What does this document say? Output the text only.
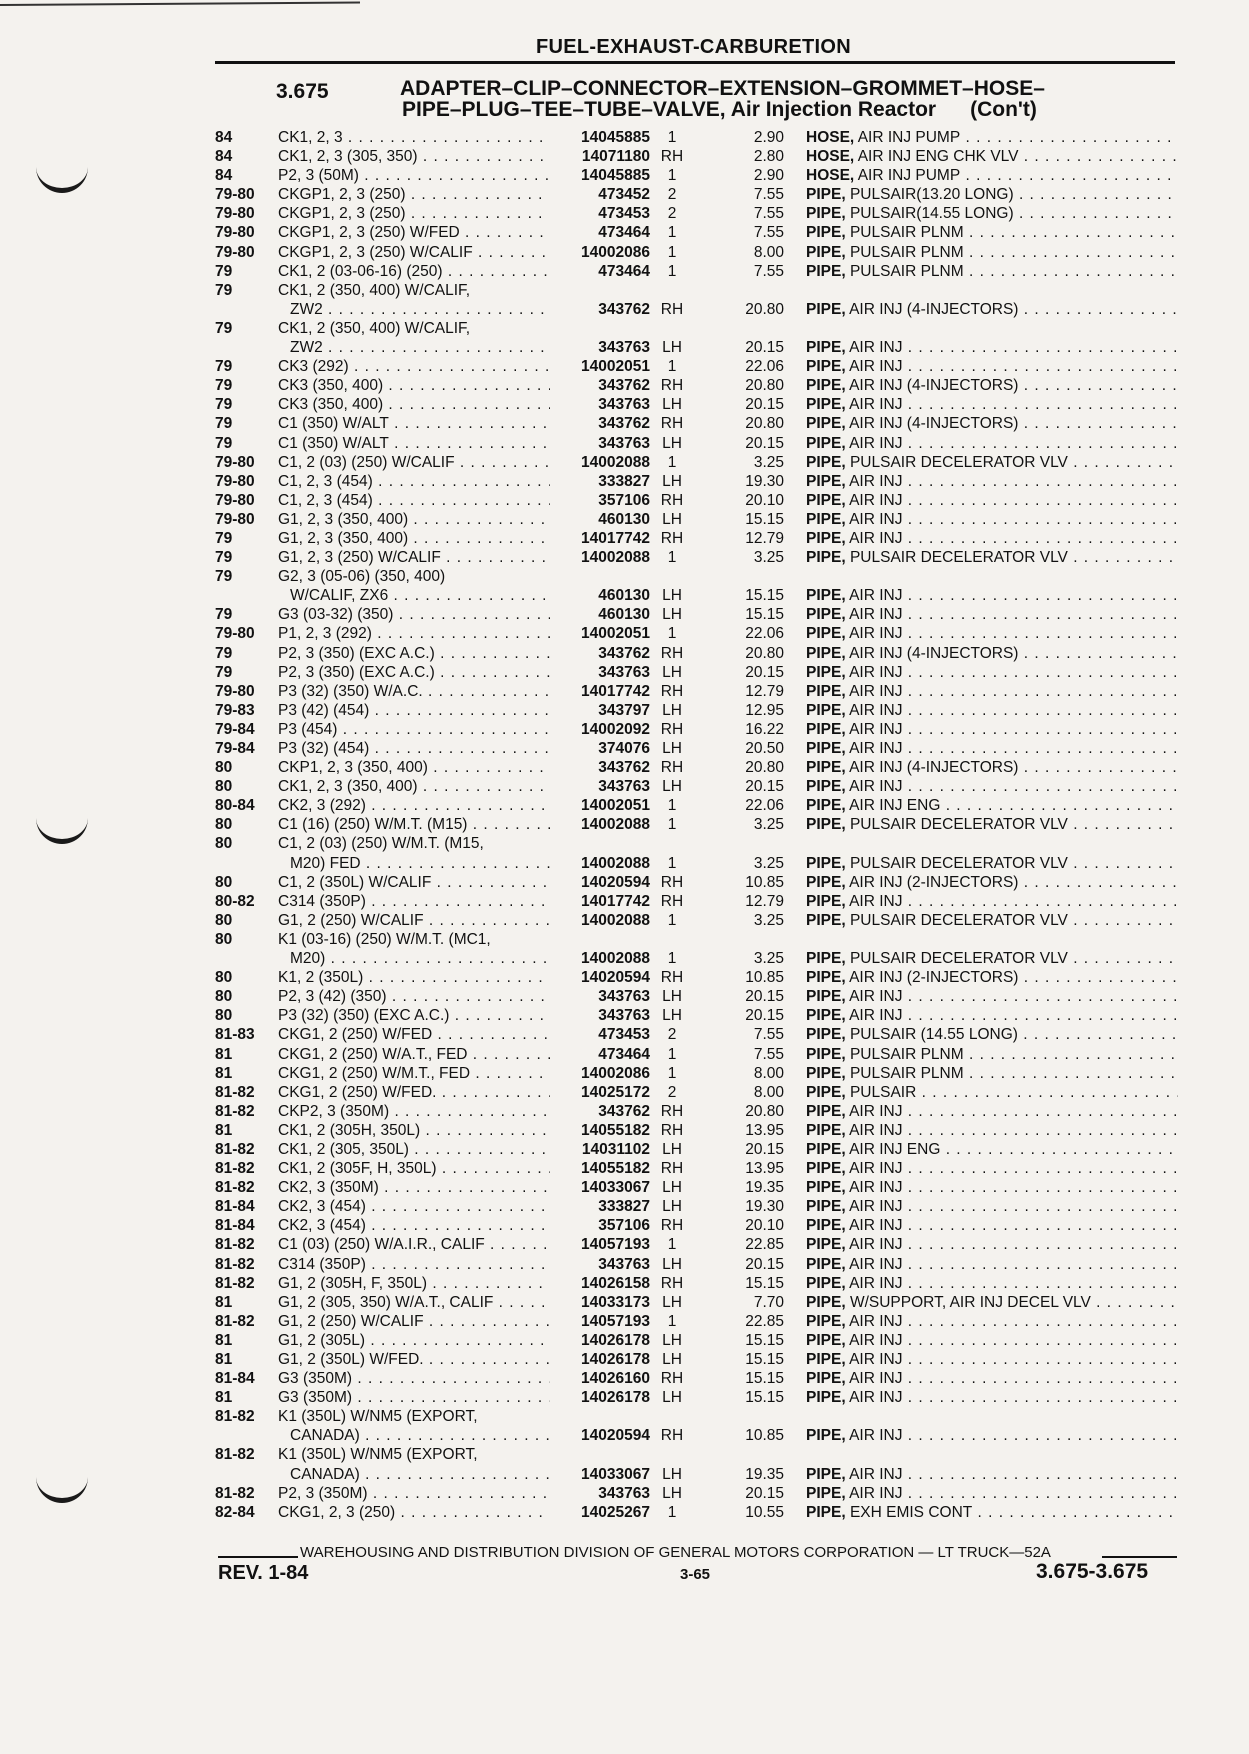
FUEL-EXHAUST-CARBURETION
3.675	ADAPTER–CLIP–CONNECTOR–EXTENSION–GROMMET–HOSE–
PIPE–PLUG–TEE–TUBE–VALVE, Air Injection Reactor (Con't)
84	CK1, 2, 3 . . .	14045885	1	2.90 HOSE, AIR INJ PUMP . . .
84	CK1, 2, 3 (305, 350) . . .	14071180 RH	2.80 HOSE, AIR INJ ENG CHK VLV . . .
84	P2, 3 (50M) . . .	14045885	1	2.90 HOSE, AIR INJ PUMP . . .
79-80 CKGP1, 2, 3 (250) . . .	473452	2	7.55 PIPE, PULSAIR(13.20 LONG) . . .
79-80 CKGP1, 2, 3 (250) . . .	473453	2	7.55 PIPE, PULSAIR(14.55 LONG) . . .
79-80 CKGP1, 2, 3 (250) W/FED . . .	473464	1	7.55 PIPE, PULSAIR PLNM . . .
79-80 CKGP1, 2, 3 (250) W/CALIF . . .	14002086	1	8.00 PIPE, PULSAIR PLNM . . .
79	CK1, 2 (03-06-16) (250) . . .	473464	1	7.55 PIPE, PULSAIR PLNM . . .
79	CK1, 2 (350, 400) W/CALIF,
ZW2 . . .	343762 RH	20.80 PIPE, AIR INJ (4-INJECTORS) . . .
79	CK1, 2 (350, 400) W/CALIF,
ZW2 . . .	343763 LH	20.15 PIPE, AIR INJ . . .
79	CK3 (292) . . .	14002051	1	22.06 PIPE, AIR INJ . . .
79	CK3 (350, 400) . . .	343762 RH	20.80 PIPE, AIR INJ (4-INJECTORS) . . .
79	CK3 (350, 400) . . .	343763 LH	20.15 PIPE, AIR INJ . . .
79	C1 (350) W/ALT . . .	343762 RH	20.80 PIPE, AIR INJ (4-INJECTORS) . . .
79	C1 (350) W/ALT . . .	343763 LH	20.15 PIPE, AIR INJ . . .
79-80 C1, 2 (03) (250) W/CALIF . . .	14002088	1	3.25 PIPE, PULSAIR DECELERATOR VLV . . .
79-80 C1, 2, 3 (454) . . .	333827 LH	19.30 PIPE, AIR INJ . . .
79-80 C1, 2, 3 (454) . . .	357106 RH	20.10 PIPE, AIR INJ . . .
79-80 G1, 2, 3 (350, 400) . . .	460130 LH	15.15 PIPE, AIR INJ . . .
79	G1, 2, 3 (350, 400) . . .	14017742 RH	12.79 PIPE, AIR INJ . . .
79	G1, 2, 3 (250) W/CALIF . . .	14002088	1	3.25 PIPE, PULSAIR DECELERATOR VLV . . .
79	G2, 3 (05-06) (350, 400)
W/CALIF, ZX6 . . .	460130 LH	15.15 PIPE, AIR INJ . . .
79	G3 (03-32) (350) . . .	460130 LH	15.15 PIPE, AIR INJ . . .
79-80 P1, 2, 3 (292) . . .	14002051	1	22.06 PIPE, AIR INJ . . .
79	P2, 3 (350) (EXC A.C.) . . .	343762 RH	20.80 PIPE, AIR INJ (4-INJECTORS) . . .
79	P2, 3 (350) (EXC A.C.) . . .	343763 LH	20.15 PIPE, AIR INJ . . .
79-80 P3 (32) (350) W/A.C. . . .	14017742 RH	12.79 PIPE, AIR INJ . . .
79-83 P3 (42) (454) . . .	343797 LH	12.95 PIPE, AIR INJ . . .
79-84 P3 (454) . . .	14002092 RH	16.22 PIPE, AIR INJ . . .
79-84 P3 (32) (454) . . .	374076 LH	20.50 PIPE, AIR INJ . . .
80	CKP1, 2, 3 (350, 400) . . .	343762 RH	20.80 PIPE, AIR INJ (4-INJECTORS) . . .
80	CK1, 2, 3 (350, 400) . . .	343763 LH	20.15 PIPE, AIR INJ . . .
80-84 CK2, 3 (292) . . .	14002051	1	22.06 PIPE, AIR INJ ENG . . .
80	C1 (16) (250) W/M.T. (M15) . . .	14002088	1	3.25 PIPE, PULSAIR DECELERATOR VLV . . .
80	C1, 2 (03) (250) W/M.T. (M15,
M20) FED . . .	14002088	1	3.25 PIPE, PULSAIR DECELERATOR VLV . . .
80	C1, 2 (350L) W/CALIF . . .	14020594 RH	10.85 PIPE, AIR INJ (2-INJECTORS) . . .
80-82 C314 (350P) . . .	14017742 RH	12.79 PIPE, AIR INJ . . .
80	G1, 2 (250) W/CALIF . . .	14002088	1	3.25 PIPE, PULSAIR DECELERATOR VLV . . .
80	K1 (03-16) (250) W/M.T. (MC1,
M20) . . .	14002088	1	3.25 PIPE, PULSAIR DECELERATOR VLV . . .
80	K1, 2 (350L) . . .	14020594 RH	10.85 PIPE, AIR INJ (2-INJECTORS) . . .
80	P2, 3 (42) (350) . . .	343763 LH	20.15 PIPE, AIR INJ . . .
80	P3 (32) (350) (EXC A.C.) . . .	343763 LH	20.15 PIPE, AIR INJ . . .
81-83 CKG1, 2 (250) W/FED . . .	473453	2	7.55 PIPE, PULSAIR (14.55 LONG) . . .
81	CKG1, 2 (250) W/A.T., FED . . .	473464	1	7.55 PIPE, PULSAIR PLNM . . .
81	CKG1, 2 (250) W/M.T., FED . . .	14002086	1	8.00 PIPE, PULSAIR PLNM . . .
81-82 CKG1, 2 (250) W/FED. . . .	14025172	2	8.00 PIPE, PULSAIR . . .
81-82 CKP2, 3 (350M) . . .	343762 RH	20.80 PIPE, AIR INJ . . .
81	CK1, 2 (305H, 350L) . . .	14055182 RH	13.95 PIPE, AIR INJ . . .
81-82 CK1, 2 (305, 350L) . . .	14031102 LH	20.15 PIPE, AIR INJ ENG . . .
81-82 CK1, 2 (305F, H, 350L) . . .	14055182 RH	13.95 PIPE, AIR INJ . . .
81-82 CK2, 3 (350M) . . .	14033067 LH	19.35 PIPE, AIR INJ . . .
81-84 CK2, 3 (454) . . .	333827 LH	19.30 PIPE, AIR INJ . . .
81-84 CK2, 3 (454) . . .	357106 RH	20.10 PIPE, AIR INJ . . .
81-82 C1 (03) (250) W/A.I.R., CALIF . . .	14057193	1	22.85 PIPE, AIR INJ . . .
81-82 C314 (350P) . . .	343763 LH	20.15 PIPE, AIR INJ . . .
81-82 G1, 2 (305H, F, 350L) . . .	14026158 RH	15.15 PIPE, AIR INJ . . .
81	G1, 2 (305, 350) W/A.T., CALIF . . .	14033173 LH	7.70 PIPE, W/SUPPORT, AIR INJ DECEL VLV . . .
81-82 G1, 2 (250) W/CALIF . . .	14057193	1	22.85 PIPE, AIR INJ . . .
81	G1, 2 (305L) . . .	14026178 LH	15.15 PIPE, AIR INJ . . .
81	G1, 2 (350L) W/FED. . . .	14026178 LH	15.15 PIPE, AIR INJ . . .
81-84 G3 (350M) . . .	14026160 RH	15.15 PIPE, AIR INJ . . .
81	G3 (350M) . . .	14026178 LH	15.15 PIPE, AIR INJ . . .
81-82 K1 (350L) W/NM5 (EXPORT,
CANADA) . . .	14020594 RH	10.85 PIPE, AIR INJ . . .
81-82 K1 (350L) W/NM5 (EXPORT,
CANADA) . . .	14033067 LH	19.35 PIPE, AIR INJ . . .
81-82 P2, 3 (350M) . . .	343763 LH	20.15 PIPE, AIR INJ . . .
82-84 CKG1, 2, 3 (250) . . .	14025267	1	10.55 PIPE, EXH EMIS CONT . . .
WAREHOUSING AND DISTRIBUTION DIVISION OF GENERAL MOTORS CORPORATION — LT TRUCK—52A
REV. 1-84	3-65	3.675-3.675
